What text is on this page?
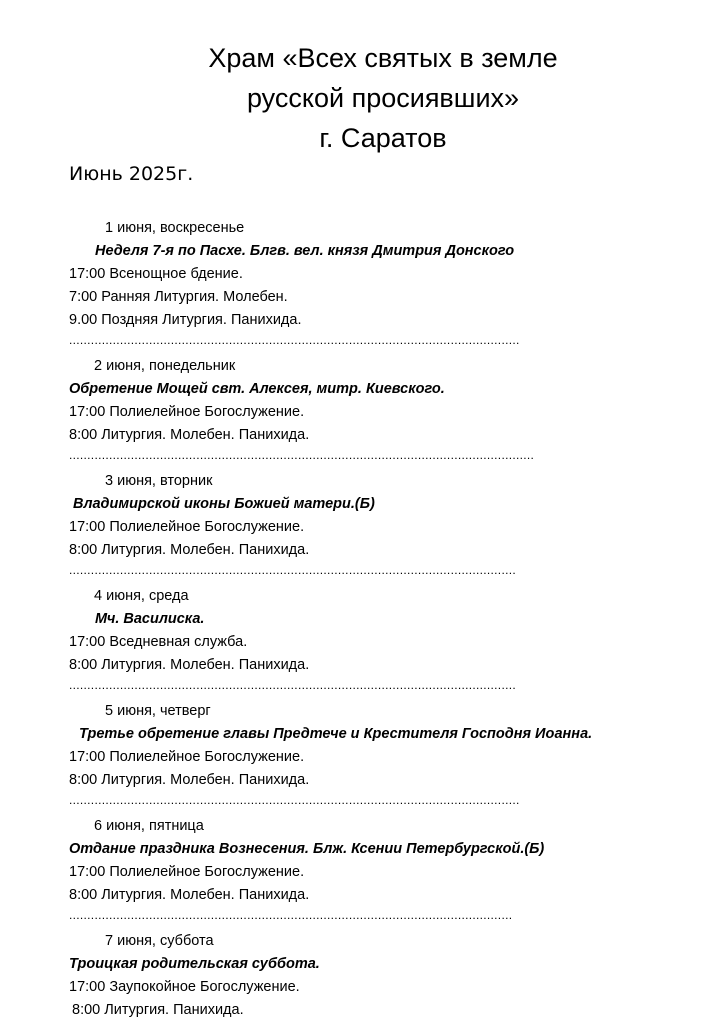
Храм «Всех святых в земле
русской просиявших»
г. Саратов
Июнь 2025г.
1 июня, воскресенье
Неделя 7-я по Пасхе. Блгв. вел. князя Дмитрия Донского
17:00 Всенощное бдение.
7:00 Ранняя Литургия. Молебен.
9.00 Поздняя Литургия. Панихида.
............................................................................................................................
2 июня, понедельник
Обретение Мощей свт. Алексея, митр. Киевского.
17:00 Полиелейное Богослужение.
8:00 Литургия. Молебен. Панихида.
................................................................................................................................
3 июня, вторник
Владимирской иконы Божией матери.(Б)
17:00 Полиелейное Богослужение.
8:00 Литургия. Молебен. Панихида.
...........................................................................................................................
4 июня, среда
Мч. Василиска.
17:00 Вседневная служба.
8:00 Литургия. Молебен. Панихида.
...........................................................................................................................
5 июня, четверг
Третье обретение главы Предтече и Крестителя Господня Иоанна.
17:00 Полиелейное Богослужение.
8:00 Литургия. Молебен. Панихида.
............................................................................................................................
6 июня, пятница
Отдание праздника Вознесения. Блж. Ксении Петербургской.(Б)
17:00 Полиелейное Богослужение.
8:00 Литургия. Молебен. Панихида.
..........................................................................................................................
7 июня, суббота
Троицкая родительская суббота.
17:00 Заупокойное Богослужение.
8:00 Литургия. Панихида.
